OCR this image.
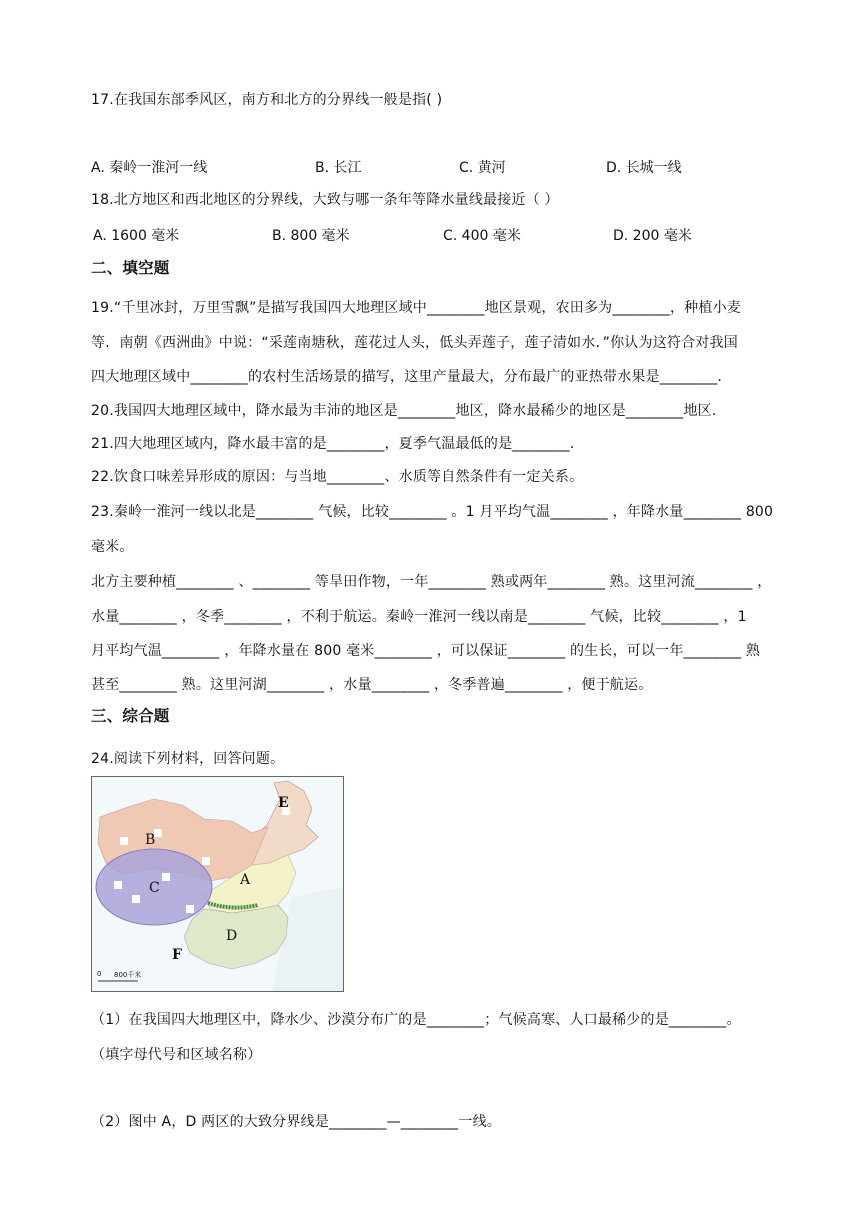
17.在我国东部季风区，南方和北方的分界线一般是指( )
A. 秦岭一淮河一线	B. 长江	C. 黄河	D. 长城一线
18.北方地区和西北地区的分界线，大致与哪一条年等降水量线最接近（ ）
A. 1600 毫米	B. 800 毫米	C. 400 毫米	D. 200 毫米
二、填空题
19.“千里冰封，万里雪飘”是描写我国四大地理区域中________地区景观，农田多为________，种植小麦
等．南朝《西洲曲》中说：“采莲南塘秋，莲花过人头，低头弄莲子，莲子清如水．”你认为这符合对我国
四大地理区域中________的农村生活场景的描写，这里产量最大，分布最广的亚热带水果是________.
20.我国四大地理区域中，降水最为丰沛的地区是________地区，降水最稀少的地区是________地区.
21.四大地理区域内，降水最丰富的是________，夏季气温最低的是________.
22.饮食口味差异形成的原因：与当地________、水质等自然条件有一定关系。
23.秦岭一淮河一线以北是________ 气候，比较________ 。1 月平均气温________ ，年降水量________ 800
毫米。
北方主要种植________ 、________ 等旱田作物，一年________ 熟或两年________ 熟。这里河流________ ，
水量________ ，冬季________ ，不利于航运。秦岭一淮河一线以南是________ 气候，比较________ ，1
月平均气温________ ，年降水量在 800 毫米________ ，可以保证________ 的生长，可以一年________ 熟
甚至________ 熟。这里河湖________ ，水量________ ，冬季普遍________ ，便于航运。
三、综合题
24.阅读下列材料，回答问题。
E
B
C	A
D
F
0 800千米
（1）在我国四大地理区中，降水少、沙漠分布广的是________；气候高寒、人口最稀少的是________。
（填字母代号和区域名称）
（2）图中 A，D 两区的大致分界线是________—________一线。
